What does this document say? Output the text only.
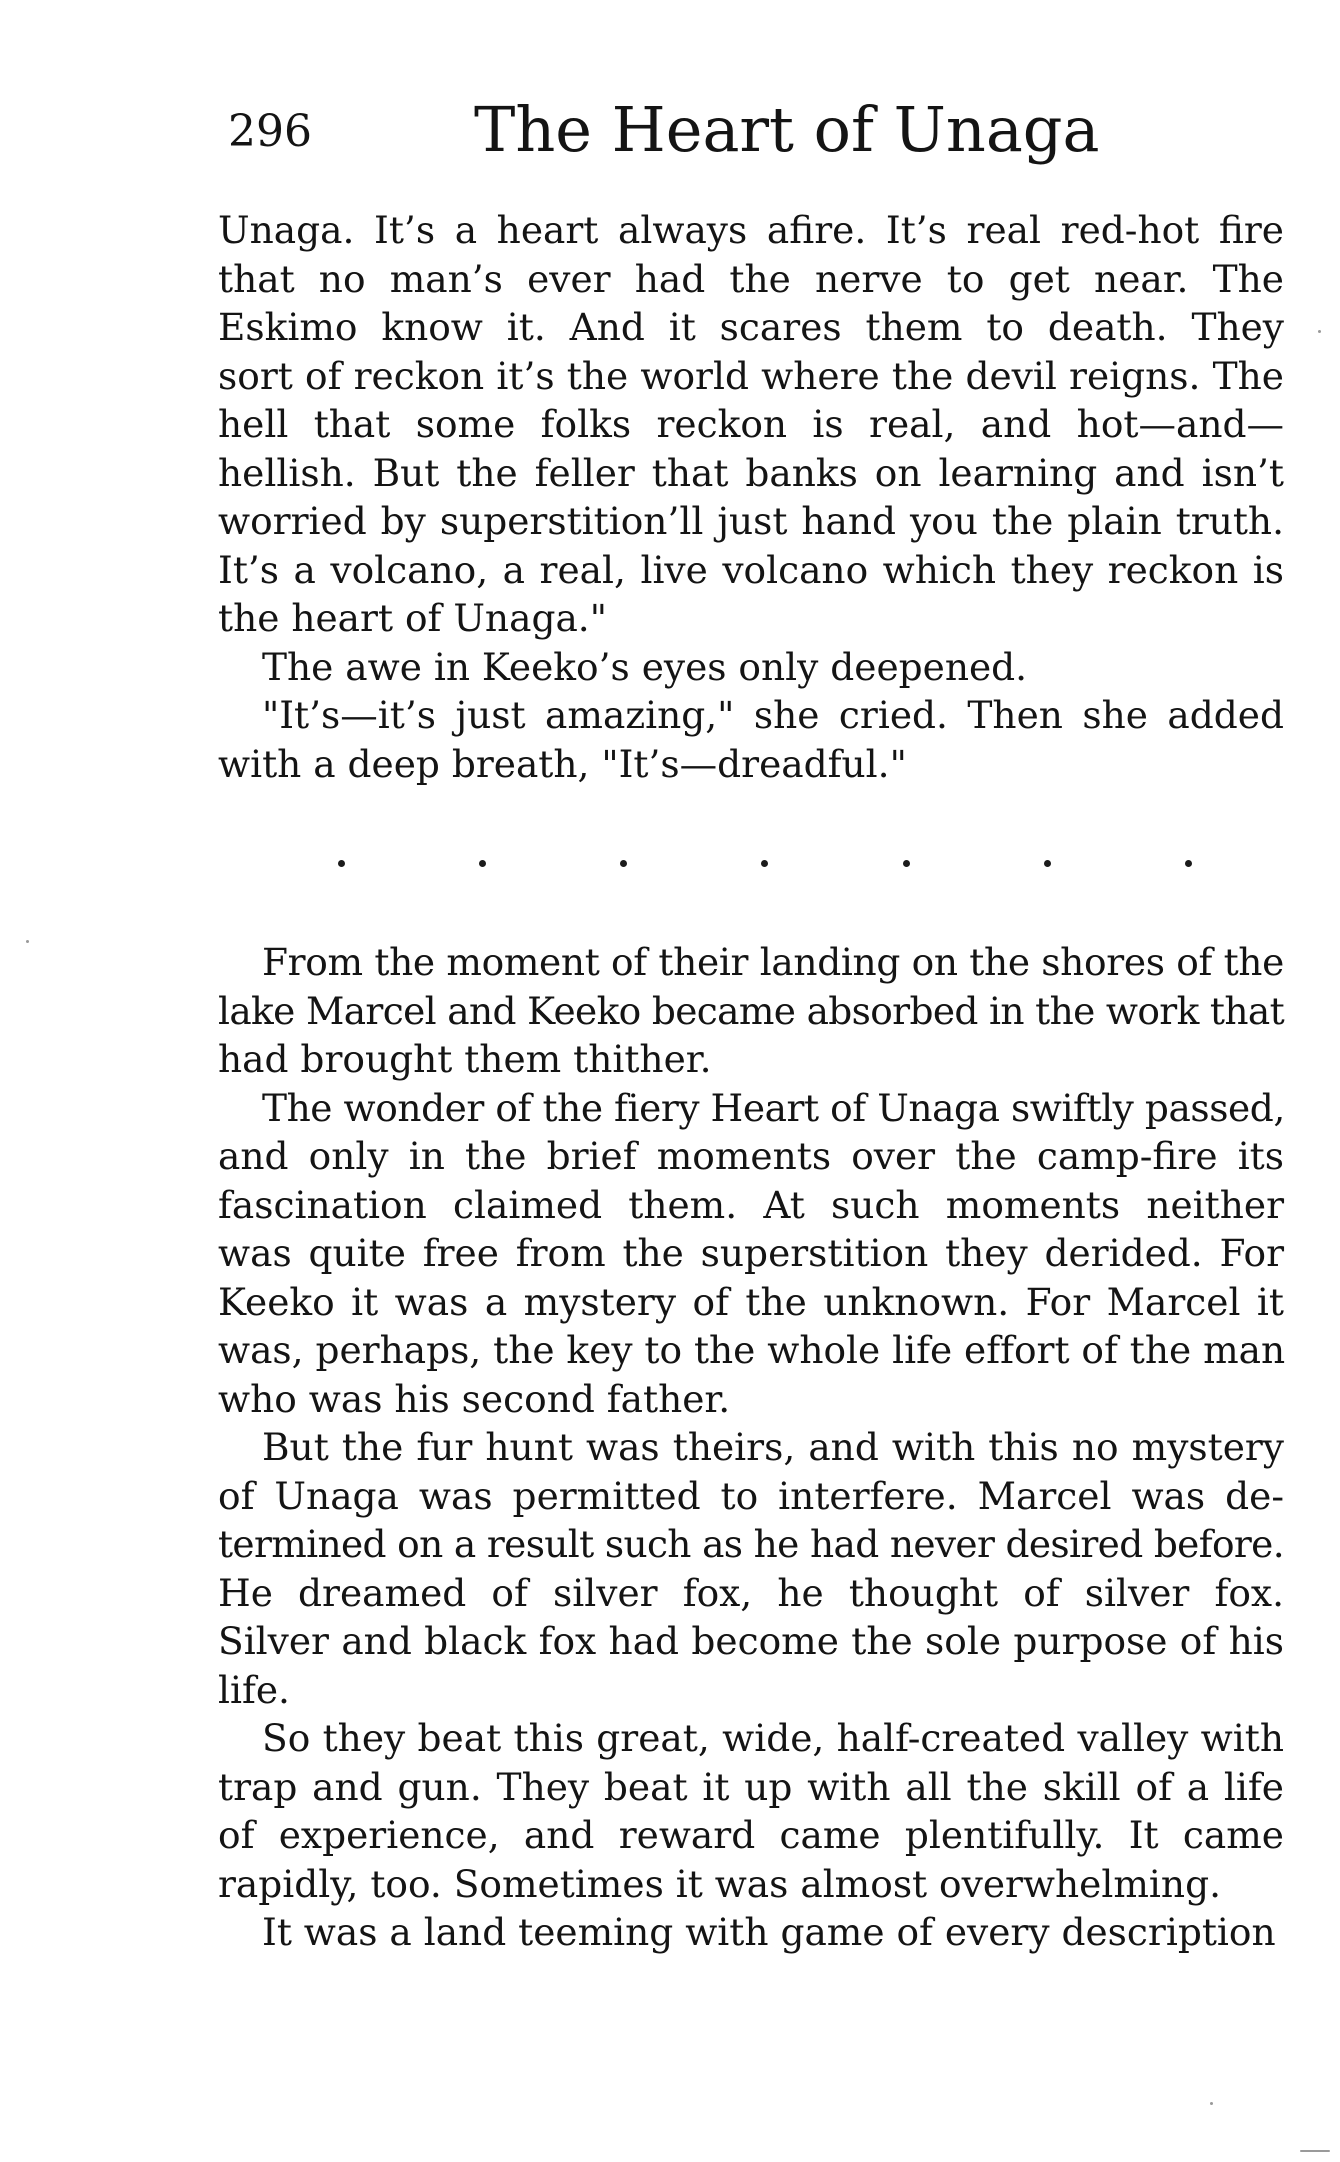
296	The Heart of Unaga

Unaga. It’s a heart always afire. It’s real red-hot fire
that no man’s ever had the nerve to get near. The
Eskimo know it. And it scares them to death. They
sort of reckon it’s the world where the devil reigns. The
hell that some folks reckon is real, and hot—and—
hellish. But the feller that banks on learning and isn’t
worried by superstition’ll just hand you the plain truth.
It’s a volcano, a real, live volcano which they reckon is
the heart of Unaga."

The awe in Keeko’s eyes only deepened.

"It’s—it’s just amazing," she cried. Then she added
with a deep breath, "It’s—dreadful."

From the moment of their landing on the shores of the
lake Marcel and Keeko became absorbed in the work that
had brought them thither.

The wonder of the fiery Heart of Unaga swiftly passed,
and only in the brief moments over the camp-fire its
fascination claimed them. At such moments neither
was quite free from the superstition they derided. For
Keeko it was a mystery of the unknown. For Marcel it
was, perhaps, the key to the whole life effort of the man
who was his second father.

But the fur hunt was theirs, and with this no mystery
of Unaga was permitted to interfere. Marcel was de-
termined on a result such as he had never desired before.
He dreamed of silver fox, he thought of silver fox.
Silver and black fox had become the sole purpose of his
life.

So they beat this great, wide, half-created valley with
trap and gun. They beat it up with all the skill of a life
of experience, and reward came plentifully. It came
rapidly, too. Sometimes it was almost overwhelming.

It was a land teeming with game of every description
